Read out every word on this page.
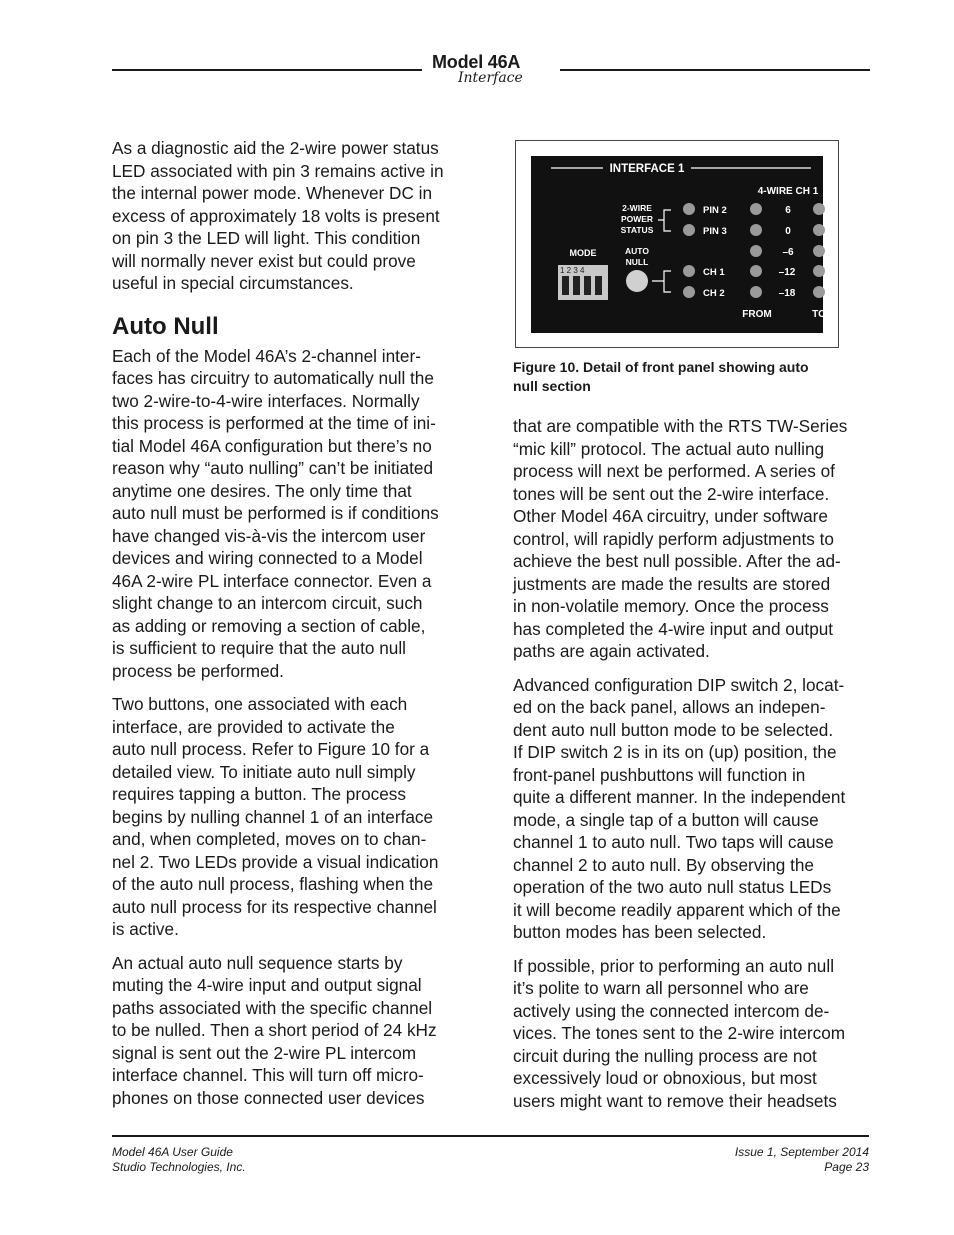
Model 46A
Interface

As a diagnostic aid the 2-wire power status
LED associated with pin 3 remains active in
the internal power mode. Whenever DC in
excess of approximately 18 volts is present
on pin 3 the LED will light. This condition
will normally never exist but could prove
useful in special circumstances.

Auto Null

Each of the Model 46A’s 2-channel inter-
faces has circuitry to automatically null the
two 2-wire-to-4-wire interfaces. Normally
this process is performed at the time of ini-
tial Model 46A configuration but there’s no
reason why “auto nulling” can’t be initiated
anytime one desires. The only time that
auto null must be performed is if conditions
have changed vis-à-vis the intercom user
devices and wiring connected to a Model
46A 2-wire PL interface connector. Even a
slight change to an intercom circuit, such
as adding or removing a section of cable,
is sufficient to require that the auto null
process be performed.

Two buttons, one associated with each
interface, are provided to activate the
auto null process. Refer to Figure 10 for a
detailed view. To initiate auto null simply
requires tapping a button. The process
begins by nulling channel 1 of an interface
and, when completed, moves on to chan-
nel 2. Two LEDs provide a visual indication
of the auto null process, flashing when the
auto null process for its respective channel
is active.

An actual auto null sequence starts by
muting the 4-wire input and output signal
paths associated with the specific channel
to be nulled. Then a short period of 24 kHz
signal is sent out the 2-wire PL intercom
interface channel. This will turn off micro-
phones on those connected user devices

INTERFACE 1
4-WIRE CH 1
2-WIRE
POWER
STATUS
PIN 2
PIN 3
MODE
1 2 3 4
AUTO
NULL
CH 1
CH 2
6
0
–6
–12
–18
FROM	TO
Figure 10. Detail of front panel showing auto
null section

that are compatible with the RTS TW-Series
“mic kill” protocol. The actual auto nulling
process will next be performed. A series of
tones will be sent out the 2-wire interface.
Other Model 46A circuitry, under software
control, will rapidly perform adjustments to
achieve the best null possible. After the ad-
justments are made the results are stored
in non-volatile memory. Once the process
has completed the 4-wire input and output
paths are again activated.

Advanced configuration DIP switch 2, locat-
ed on the back panel, allows an indepen-
dent auto null button mode to be selected.
If DIP switch 2 is in its on (up) position, the
front-panel pushbuttons will function in
quite a different manner. In the independent
mode, a single tap of a button will cause
channel 1 to auto null. Two taps will cause
channel 2 to auto null. By observing the
operation of the two auto null status LEDs
it will become readily apparent which of the
button modes has been selected.

If possible, prior to performing an auto null
it’s polite to warn all personnel who are
actively using the connected intercom de-
vices. The tones sent to the 2-wire intercom
circuit during the nulling process are not
excessively loud or obnoxious, but most
users might want to remove their headsets

Model 46A User Guide
Studio Technologies, Inc.
Issue 1, September 2014
Page 23
